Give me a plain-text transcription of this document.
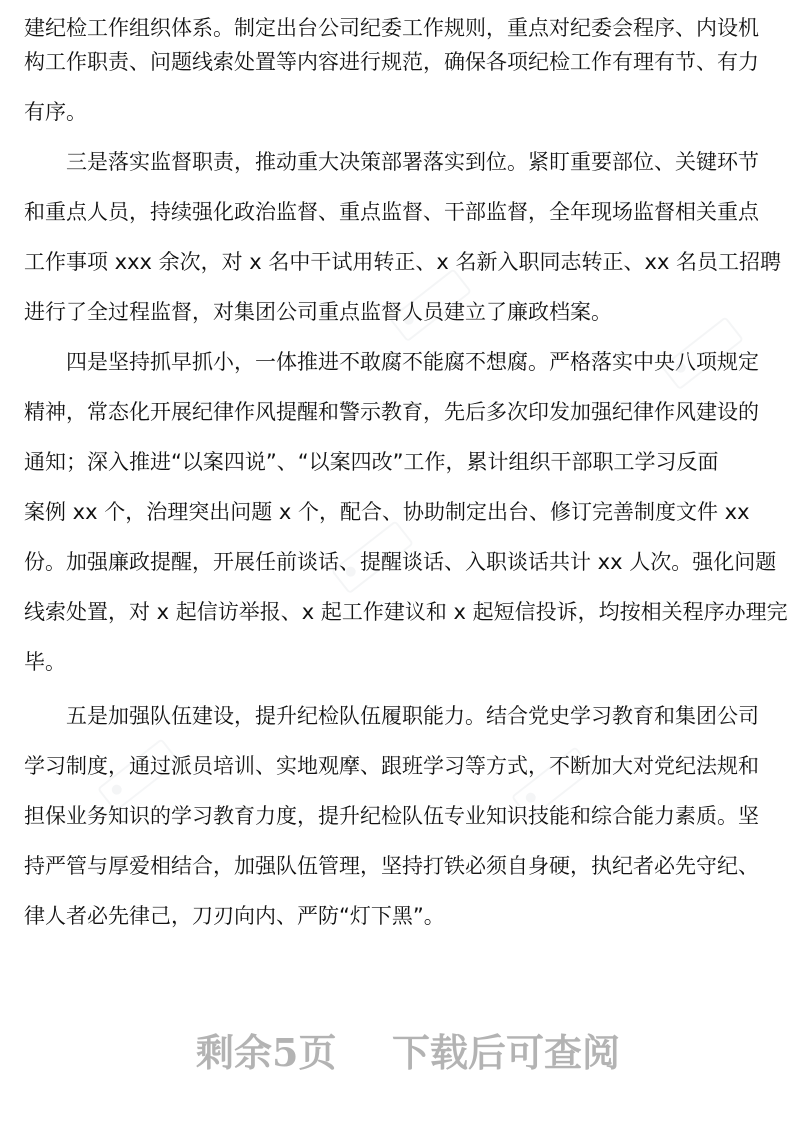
建纪检工作组织体系。制定出台公司纪委工作规则，重点对纪委会程序、内设机
构工作职责、问题线索处置等内容进行规范，确保各项纪检工作有理有节、有力
有序。
三是落实监督职责，推动重大决策部署落实到位。紧盯重要部位、关键环节
和重点人员，持续强化政治监督、重点监督、干部监督，全年现场监督相关重点
工作事项 xxx 余次，对 x 名中干试用转正、x 名新入职同志转正、xx 名员工招聘
进行了全过程监督，对集团公司重点监督人员建立了廉政档案。
四是坚持抓早抓小，一体推进不敢腐不能腐不想腐。严格落实中央八项规定
精神，常态化开展纪律作风提醒和警示教育，先后多次印发加强纪律作风建设的
通知；深入推进“以案四说”、“以案四改”工作，累计组织干部职工学习反面
案例 xx 个，治理突出问题 x 个，配合、协助制定出台、修订完善制度文件 xx
份。加强廉政提醒，开展任前谈话、提醒谈话、入职谈话共计 xx 人次。强化问题
线索处置，对 x 起信访举报、x 起工作建议和 x 起短信投诉，均按相关程序办理完
毕。
五是加强队伍建设，提升纪检队伍履职能力。结合党史学习教育和集团公司
学习制度，通过派员培训、实地观摩、跟班学习等方式，不断加大对党纪法规和
担保业务知识的学习教育力度，提升纪检队伍专业知识技能和综合能力素质。坚
持严管与厚爱相结合，加强队伍管理，坚持打铁必须自身硬，执纪者必先守纪、
律人者必先律己，刀刃向内、严防“灯下黑”。
剩余5页 下载后可查阅
